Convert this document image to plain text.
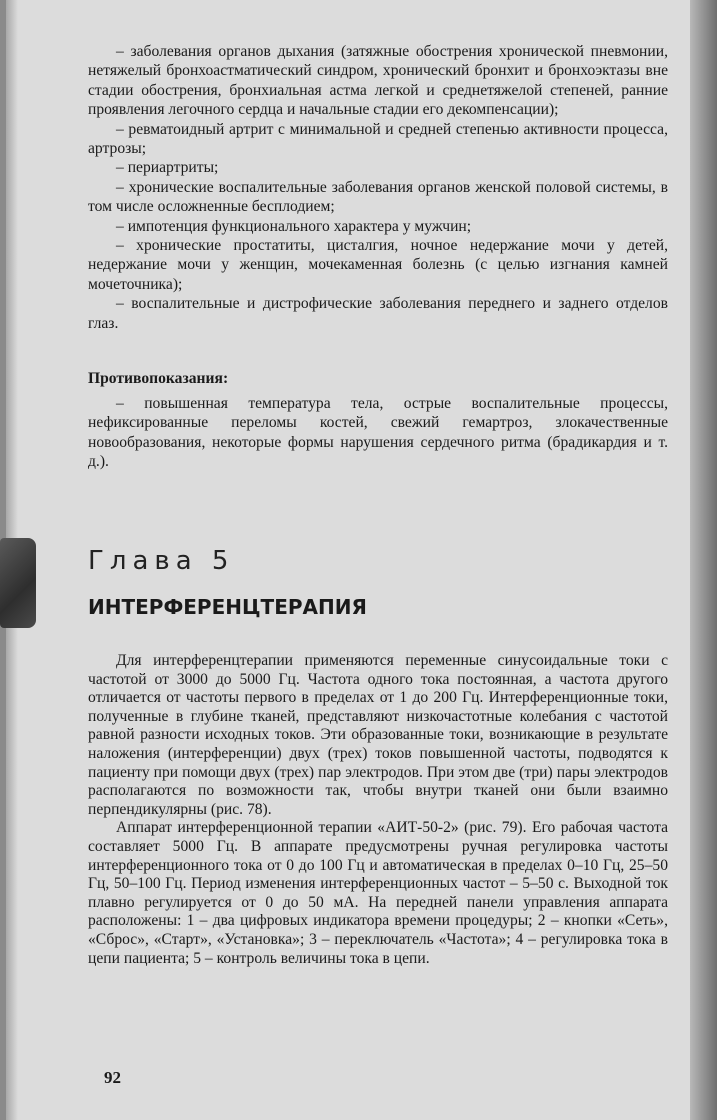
– заболевания органов дыхания (затяжные обострения хронической пневмонии, нетяжелый бронхоастматический синдром, хронический бронхит и бронхоэктазы вне стадии обострения, бронхиальная астма легкой и среднетяжелой степеней, ранние проявления легочного сердца и начальные стадии его декомпенсации);

– ревматоидный артрит с минимальной и средней степенью активности процесса, артрозы;

– периартриты;

– хронические воспалительные заболевания органов женской половой системы, в том числе осложненные бесплодием;

– импотенция функционального характера у мужчин;

– хронические простатиты, цисталгия, ночное недержание мочи у детей, недержание мочи у женщин, мочекаменная болезнь (с целью изгнания камней мочеточника);

– воспалительные и дистрофические заболевания переднего и заднего отделов глаз.

Противопоказания:

– повышенная температура тела, острые воспалительные процессы, нефиксированные переломы костей, свежий гемартроз, злокачественные новообразования, некоторые формы нарушения сердечного ритма (брадикардия и т. д.).

Глава 5
ИНТЕРФЕРЕНЦТЕРАПИЯ

Для интерференцтерапии применяются переменные синусоидальные токи с частотой от 3000 до 5000 Гц. Частота одного тока постоянная, а частота другого отличается от частоты первого в пределах от 1 до 200 Гц. Интерференционные токи, полученные в глубине тканей, представляют низкочастотные колебания с частотой равной разности исходных токов. Эти образованные токи, возникающие в результате наложения (интерференции) двух (трех) токов повышенной частоты, подводятся к пациенту при помощи двух (трех) пар электродов. При этом две (три) пары электродов располагаются по возможности так, чтобы внутри тканей они были взаимно перпендикулярны (рис. 78).

Аппарат интерференционной терапии «АИТ-50-2» (рис. 79). Его рабочая частота составляет 5000 Гц. В аппарате предусмотрены ручная регулировка частоты интерференционного тока от 0 до 100 Гц и автоматическая в пределах 0–10 Гц, 25–50 Гц, 50–100 Гц. Период изменения интерференционных частот – 5–50 с. Выходной ток плавно регулируется от 0 до 50 мА. На передней панели управления аппарата расположены: 1 – два цифровых индикатора времени процедуры; 2 – кнопки «Сеть», «Сброс», «Старт», «Установка»; 3 – переключатель «Частота»; 4 – регулировка тока в цепи пациента; 5 – контроль величины тока в цепи.

92
